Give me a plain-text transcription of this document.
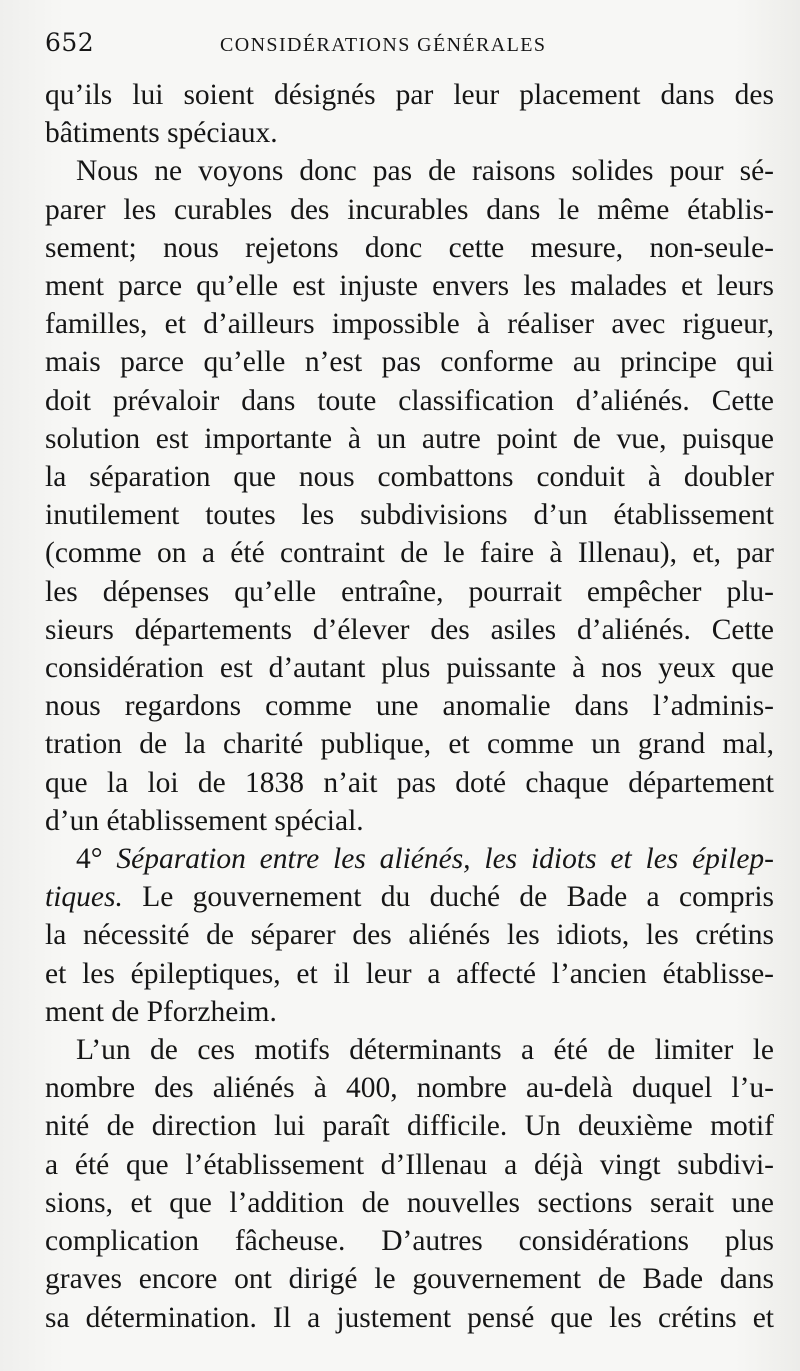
652	CONSIDÉRATIONS GÉNÉRALES

qu’ils lui soient désignés par leur placement dans des
bâtiments spéciaux.

Nous ne voyons donc pas de raisons solides pour sé-
parer les curables des incurables dans le même établis-
sement; nous rejetons donc cette mesure, non-seule-
ment parce qu’elle est injuste envers les malades et leurs
familles, et d’ailleurs impossible à réaliser avec rigueur,
mais parce qu’elle n’est pas conforme au principe qui
doit prévaloir dans toute classification d’aliénés. Cette
solution est importante à un autre point de vue, puisque
la séparation que nous combattons conduit à doubler
inutilement toutes les subdivisions d’un établissement
(comme on a été contraint de le faire à Illenau), et, par
les dépenses qu’elle entraîne, pourrait empêcher plu-
sieurs départements d’élever des asiles d’aliénés. Cette
considération est d’autant plus puissante à nos yeux que
nous regardons comme une anomalie dans l’adminis-
tration de la charité publique, et comme un grand mal,
que la loi de 1838 n’ait pas doté chaque département
d’un établissement spécial.

4° Séparation entre les aliénés, les idiots et les épilep-
tiques. Le gouvernement du duché de Bade a compris
la nécessité de séparer des aliénés les idiots, les crétins
et les épileptiques, et il leur a affecté l’ancien établisse-
ment de Pforzheim.

L’un de ces motifs déterminants a été de limiter le
nombre des aliénés à 400, nombre au-delà duquel l’u-
nité de direction lui paraît difficile. Un deuxième motif
a été que l’établissement d’Illenau a déjà vingt subdivi-
sions, et que l’addition de nouvelles sections serait une
complication fâcheuse. D’autres considérations plus
graves encore ont dirigé le gouvernement de Bade dans
sa détermination. Il a justement pensé que les crétins et
